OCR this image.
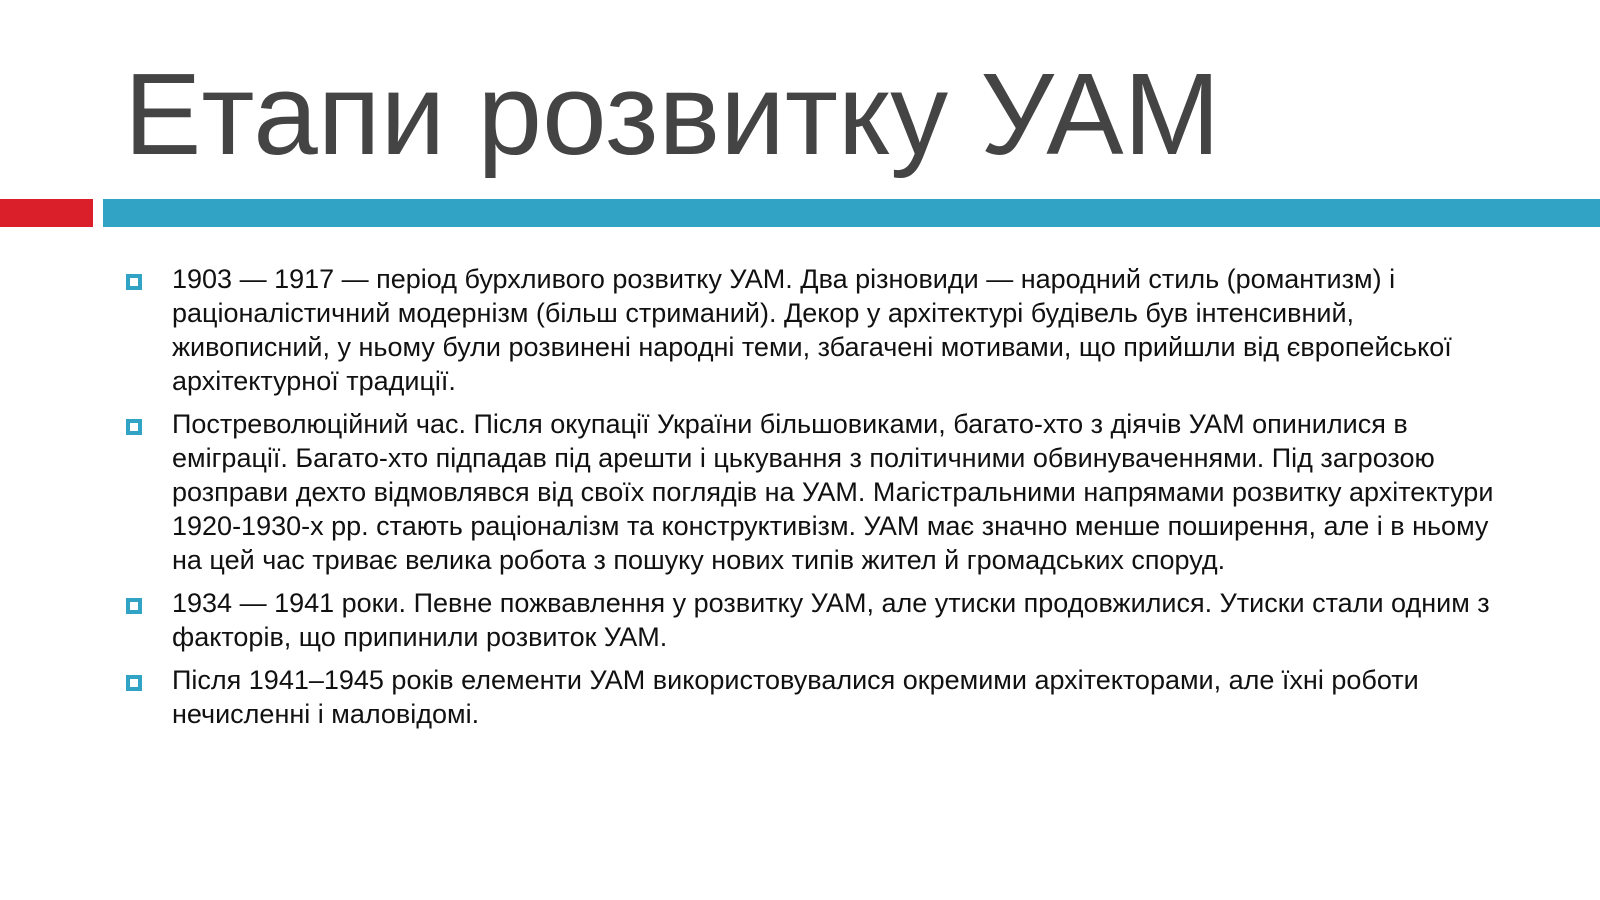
Етапи розвитку УАМ
1903 — 1917 — період бурхливого розвитку УАМ. Два різновиди — народний стиль (романтизм) і раціоналістичний модернізм (більш стриманий). Декор у архітектурі будівель був інтенсивний, живописний, у ньому були розвинені народні теми, збагачені мотивами, що прийшли від європейської архітектурної традиції.
Постреволюційний час. Після окупації України більшовиками, багато-хто з діячів УАМ опинилися в еміграції. Багато-хто підпадав під арешти і цькування з політичними обвинуваченнями. Під загрозою розправи дехто відмовлявся від своїх поглядів на УАМ. Магістральними напрямами розвитку архітектури 1920-1930-х рр. стають раціоналізм та конструктивізм. УАМ має значно менше поширення, але і в ньому на цей час триває велика робота з пошуку нових типів жител й громадських споруд.
1934 — 1941 роки. Певне пожвавлення у розвитку УАМ, але утиски продовжилися. Утиски стали одним з факторів, що припинили розвиток УАМ.
Після 1941–1945 років елементи УАМ використовувалися окремими архітекторами, але їхні роботи нечисленні і маловідомі.
